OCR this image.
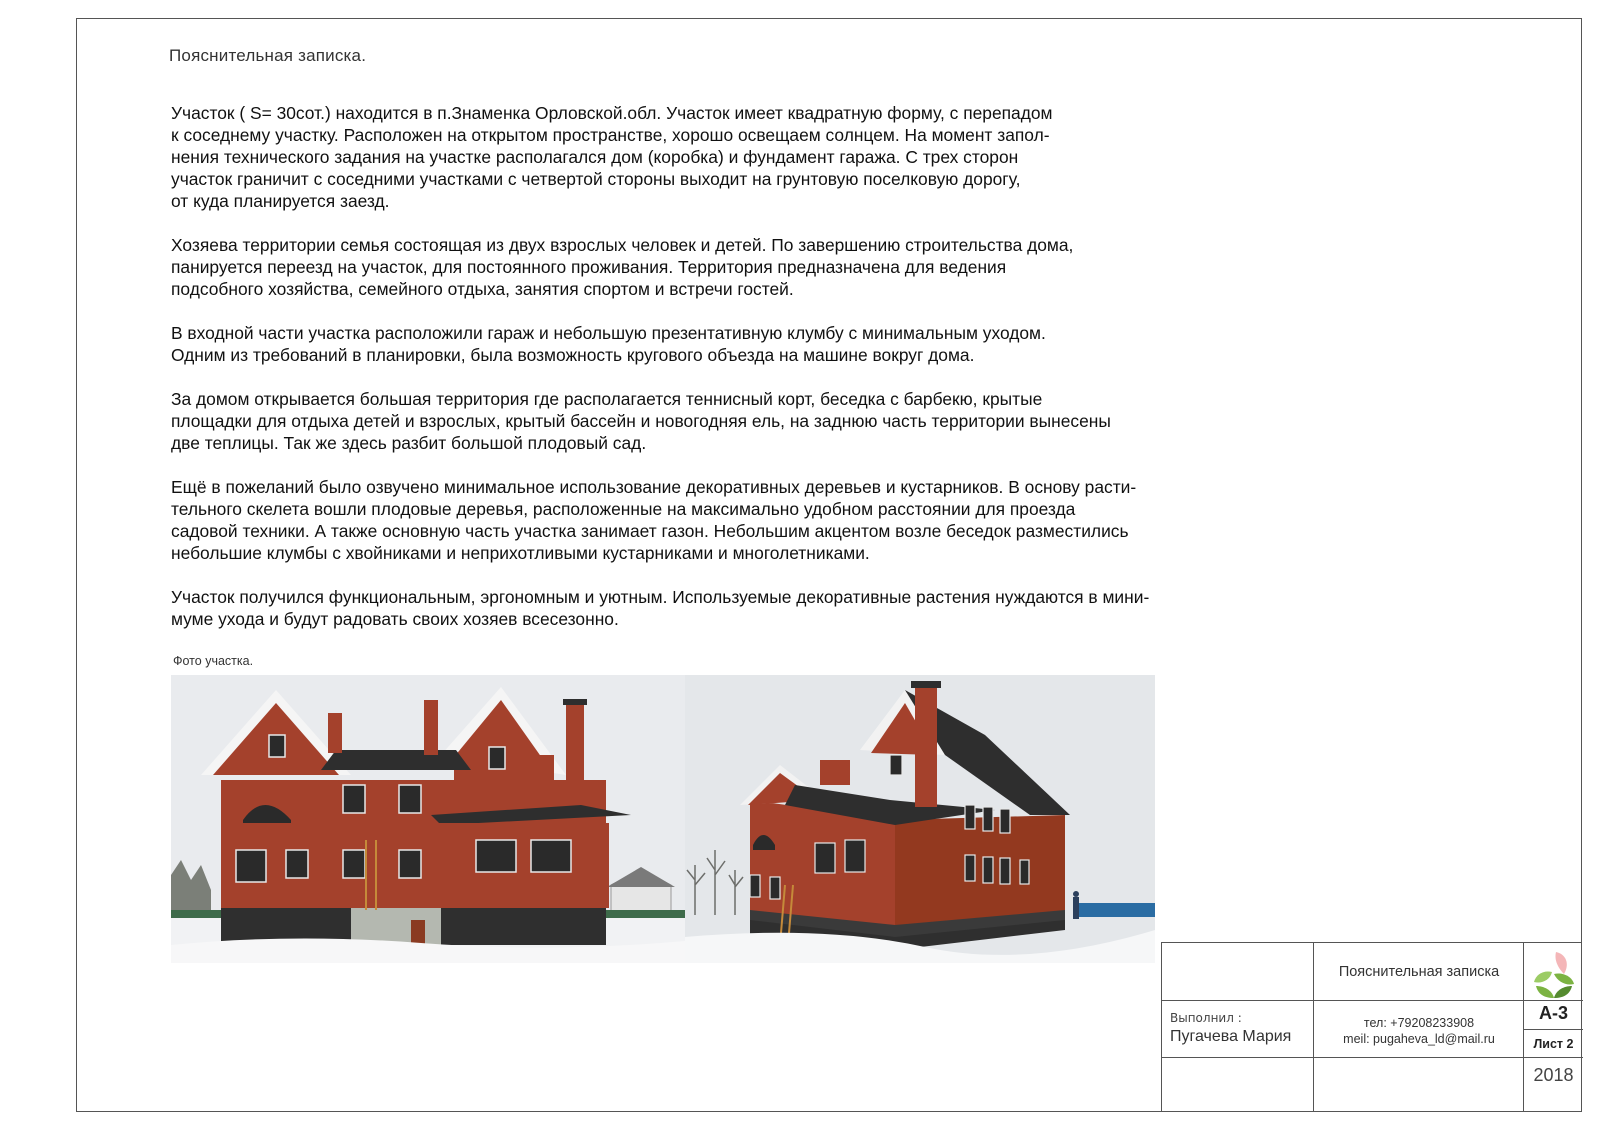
Пояснительная записка.

Участок ( S= 30сот.) находится в п.Знаменка Орловской.обл. Участок имеет квадратную форму, с перепадом
к соседнему участку. Расположен на открытом пространстве, хорошо освещаем солнцем. На момент запол-
нения технического задания на участке располагался дом (коробка) и фундамент гаража. С трех сторон
участок граничит с соседними участками с четвертой стороны выходит на грунтовую поселковую дорогу,
от куда планируется заезд.

Хозяева территории семья состоящая из двух взрослых человек и детей. По завершению строительства дома,
панируется переезд на участок, для постоянного проживания. Территория предназначена для ведения
подсобного хозяйства, семейного отдыха, занятия спортом и встречи гостей.

В входной части участка расположили гараж и небольшую презентативную клумбу с минимальным уходом.
Одним из требований в планировки, была возможность кругового объезда на машине вокруг дома.

За домом открывается большая территория где располагается теннисный корт, беседка с барбекю, крытые
площадки для отдыха детей и взрослых, крытый бассейн и новогодняя ель, на заднюю часть территории вынесены
две теплицы. Так же здесь разбит большой плодовый сад.

Ещё в пожеланий было озвучено минимальное использование декоративных деревьев и кустарников. В основу расти-
тельного скелета вошли плодовые деревья, расположенные на максимально удобном расстоянии для проезда
садовой техники. А также основную часть участка занимает газон. Небольшим акцентом возле беседок разместились
небольшие клумбы с хвойниками и неприхотливыми кустарниками и многолетниками.

Участок получился функциональным, эргономным и уютным. Используемые декоративные растения нуждаются в мини-
муме ухода и будут радовать своих хозяев всесезонно.

Фото участка.
Пояснительная записка
Выполнил :
Пугачева Мария
тел: +79208233908
meil: pugaheva_ld@mail.ru
А-3
Лист 2
2018
